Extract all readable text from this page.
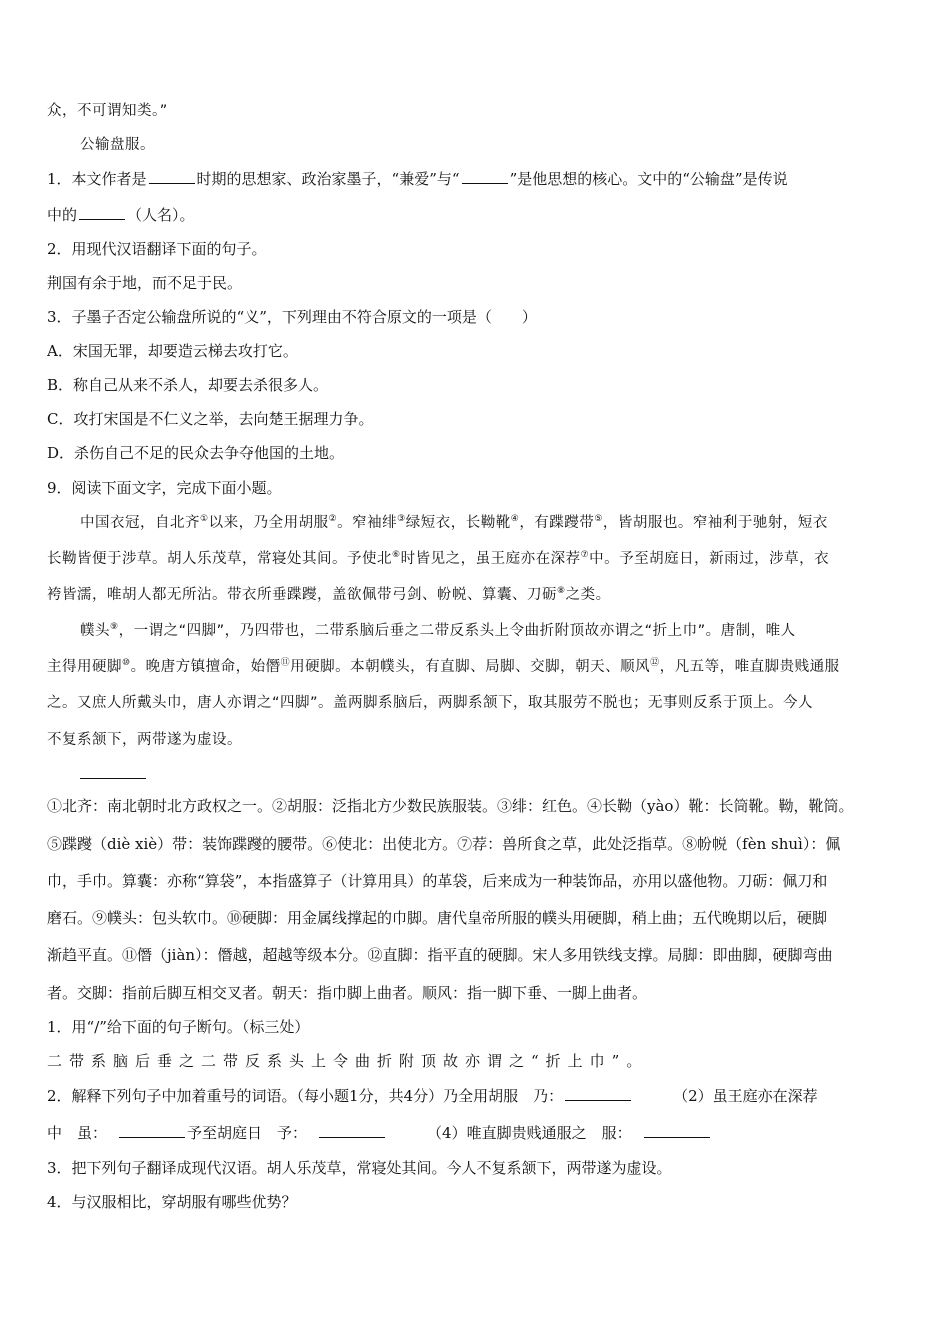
众，不可谓知类。”
公输盘服。
1．本文作者是	时期的思想家、政治家墨子，“兼爱”与“	”是他思想的核心。文中的“公输盘”是传说
中的	（人名）。
2．用现代汉语翻译下面的句子。
荆国有余于地，而不足于民。
3．子墨子否定公输盘所说的“义”，下列理由不符合原文的一项是（　　）
A．宋国无罪，却要造云梯去攻打它。
B．称自己从来不杀人，却要去杀很多人。
C．攻打宋国是不仁义之举，去向楚王据理力争。
D．杀伤自己不足的民众去争夺他国的土地。
9．阅读下面文字，完成下面小题。
中国衣冠，自北齐①以来，乃全用胡服②。窄袖绯③绿短衣，长靿靴④，有蹀躞带⑤，皆胡服也。窄袖利于驰射，短衣
长靿皆便于涉草。胡人乐茂草，常寝处其间。予使北⑥时皆见之，虽王庭亦在深荐⑦中。予至胡庭日，新雨过，涉草，衣
袴皆濡，唯胡人都无所沾。带衣所垂蹀躞，盖欲佩带弓剑、帉帨、算囊、刀砺⑧之类。
幞头⑨，一谓之“四脚”，乃四带也，二带系脑后垂之二带反系头上令曲折附顶故亦谓之“折上巾”。唐制，唯人
主得用硬脚⑩。晚唐方镇擅命，始僭⑪用硬脚。本朝幞头，有直脚、局脚、交脚，朝天、顺风⑫，凡五等，唯直脚贵贱通服
之。又庶人所戴头巾，唐人亦谓之“四脚”。盖两脚系脑后，两脚系颔下，取其服劳不脱也；无事则反系于顶上。今人
不复系颔下，两带遂为虚设。
①北齐：南北朝时北方政权之一。②胡服：泛指北方少数民族服装。③绯：红色。④长靿（yào）靴：长筒靴。靿，靴筒。
⑤蹀躞（diè xiè）带：装饰蹀躞的腰带。⑥使北：出使北方。⑦荐：兽所食之草，此处泛指草。⑧帉帨（fèn shuì）：佩
巾，手巾。算囊：亦称“算袋”，本指盛算子（计算用具）的革袋，后来成为一种装饰品，亦用以盛他物。刀砺：佩刀和
磨石。⑨幞头：包头软巾。⑩硬脚：用金属线撑起的巾脚。唐代皇帝所服的幞头用硬脚，稍上曲；五代晚期以后，硬脚
渐趋平直。⑪僭（jiàn）：僭越，超越等级本分。⑫直脚：指平直的硬脚。宋人多用铁线支撑。局脚：即曲脚，硬脚弯曲
者。交脚：指前后脚互相交叉者。朝天：指巾脚上曲者。顺风：指一脚下垂、一脚上曲者。
1．用“/”给下面的句子断句。（标三处）
二带系脑后垂之二带反系头上令曲折附顶故亦谓之“折上巾”。
2．解释下列句子中加着重号的词语。（每小题1分，共4分）乃全用胡服　乃：	（2）虽王庭亦在深荐
中　虽：	予至胡庭日　予：	（4）唯直脚贵贱通服之　服：
3．把下列句子翻译成现代汉语。胡人乐茂草，常寝处其间。今人不复系颔下，两带遂为虚设。
4．与汉服相比，穿胡服有哪些优势？
